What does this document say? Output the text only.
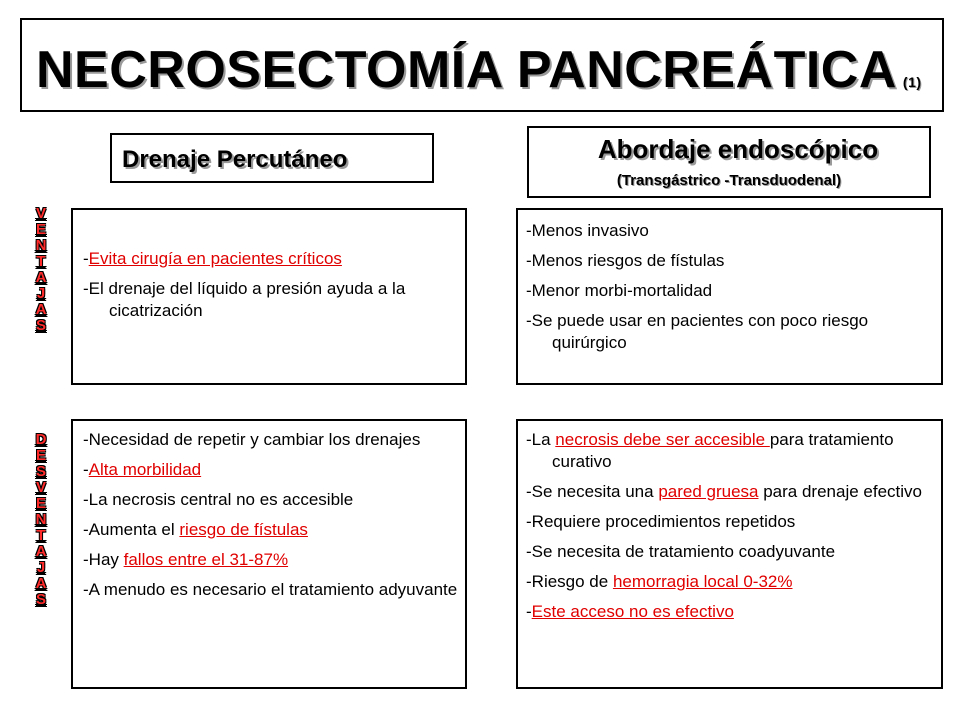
NECROSECTOMÍA PANCREÁTICA (1)
Drenaje Percutáneo	Abordaje endoscópico
(Transgástrico -Transduodenal)
V
E
N
T
A
J
A
S
D
E
S
V
E
N
T
A
J
A
S
-Evita cirugía en pacientes críticos
-El drenaje del líquido a presión ayuda a la cicatrización
-Menos invasivo
-Menos riesgos de fístulas
-Menor morbi-mortalidad
-Se puede usar en pacientes con poco riesgo quirúrgico
-Necesidad de repetir y cambiar los drenajes
-Alta morbilidad
-La necrosis central no es accesible
-Aumenta el riesgo de fístulas
-Hay fallos entre el 31-87%
-A menudo es necesario el tratamiento adyuvante
-La necrosis debe ser accesible para tratamiento curativo
-Se necesita una pared gruesa para drenaje efectivo
-Requiere procedimientos repetidos
-Se necesita de tratamiento coadyuvante
-Riesgo de hemorragia local 0-32%
-Este acceso no es efectivo
